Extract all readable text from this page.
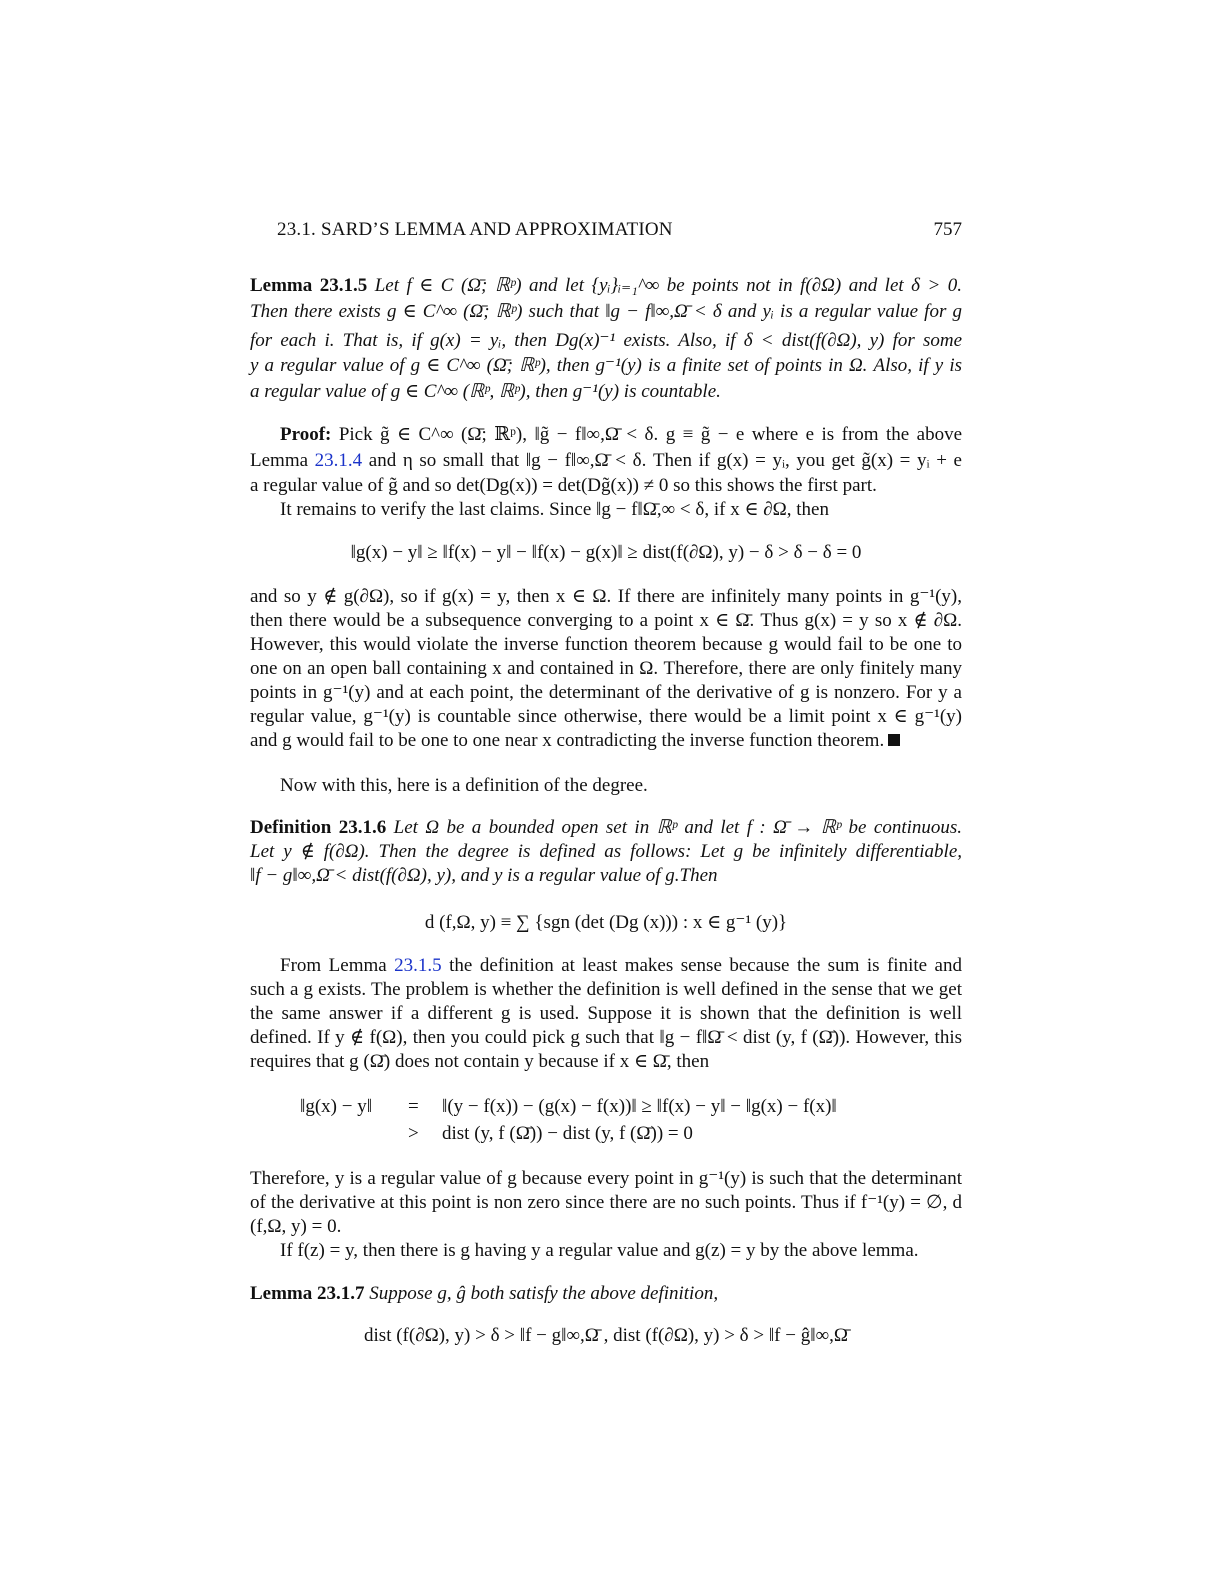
23.1. SARD’S LEMMA AND APPROXIMATION	757
Lemma 23.1.5 Let f ∈ C (Ω̄; ℝᵖ) and let {yᵢ}ᵢ₌₁^∞ be points not in f(∂Ω) and let δ > 0.
Then there exists g ∈ C^∞ (Ω̄; ℝᵖ) such that ‖g − f‖∞,Ω̄ < δ and yᵢ is a regular value for g
for each i. That is, if g(x) = yᵢ, then Dg(x)⁻¹ exists. Also, if δ < dist(f(∂Ω), y) for some
y a regular value of g ∈ C^∞ (Ω̄; ℝᵖ), then g⁻¹(y) is a finite set of points in Ω. Also, if y is
a regular value of g ∈ C^∞ (ℝᵖ, ℝᵖ), then g⁻¹(y) is countable.
Proof: Pick g̃ ∈ C^∞ (Ω̄; ℝᵖ), ‖g̃ − f‖∞,Ω̄ < δ. g ≡ g̃ − e where e is from the above
Lemma 23.1.4 and η so small that ‖g − f‖∞,Ω̄ < δ. Then if g(x) = yᵢ, you get g̃(x) = yᵢ + e
a regular value of g̃ and so det(Dg(x)) = det(Dg̃(x)) ≠ 0 so this shows the first part.
It remains to verify the last claims. Since ‖g − f‖Ω̄,∞ < δ, if x ∈ ∂Ω, then
‖g(x) − y‖ ≥ ‖f(x) − y‖ − ‖f(x) − g(x)‖ ≥ dist(f(∂Ω), y) − δ > δ − δ = 0
and so y ∉ g(∂Ω), so if g(x) = y, then x ∈ Ω. If there are infinitely many points in g⁻¹(y), then there would be a subsequence converging to a point x ∈ Ω̄. Thus g(x) = y so x ∉ ∂Ω. However, this would violate the inverse function theorem because g would fail to be one to one on an open ball containing x and contained in Ω. Therefore, there are only finitely many points in g⁻¹(y) and at each point, the determinant of the derivative of g is nonzero. For y a regular value, g⁻¹(y) is countable since otherwise, there would be a limit point x ∈ g⁻¹(y) and g would fail to be one to one near x contradicting the inverse function theorem.
Now with this, here is a definition of the degree.
Definition 23.1.6 Let Ω be a bounded open set in ℝᵖ and let f : Ω̄ → ℝᵖ be continuous.
Let y ∉ f(∂Ω). Then the degree is defined as follows: Let g be infinitely differentiable,
‖f − g‖∞,Ω̄ < dist(f(∂Ω), y), and y is a regular value of g.Then
d (f,Ω, y) ≡ ∑ {sgn (det (Dg (x))) : x ∈ g⁻¹ (y)}
From Lemma 23.1.5 the definition at least makes sense because the sum is finite and such a g exists. The problem is whether the definition is well defined in the sense that we get the same answer if a different g is used. Suppose it is shown that the definition is well defined. If y ∉ f(Ω), then you could pick g such that ‖g − f‖Ω̄ < dist (y, f (Ω̄)). However, this requires that g (Ω̄) does not contain y because if x ∈ Ω̄, then
‖g(x) − y‖ = ‖(y − f(x)) − (g(x) − f(x))‖ ≥ ‖f(x) − y‖ − ‖g(x) − f(x)‖
> dist (y, f (Ω̄)) − dist (y, f (Ω̄)) = 0
Therefore, y is a regular value of g because every point in g⁻¹(y) is such that the determinant of the derivative at this point is non zero since there are no such points. Thus if f⁻¹(y) = ∅, d (f,Ω, y) = 0.
If f(z) = y, then there is g having y a regular value and g(z) = y by the above lemma.
Lemma 23.1.7 Suppose g, ĝ both satisfy the above definition,
dist (f(∂Ω), y) > δ > ‖f − g‖∞,Ω̄ , dist (f(∂Ω), y) > δ > ‖f − ĝ‖∞,Ω̄
